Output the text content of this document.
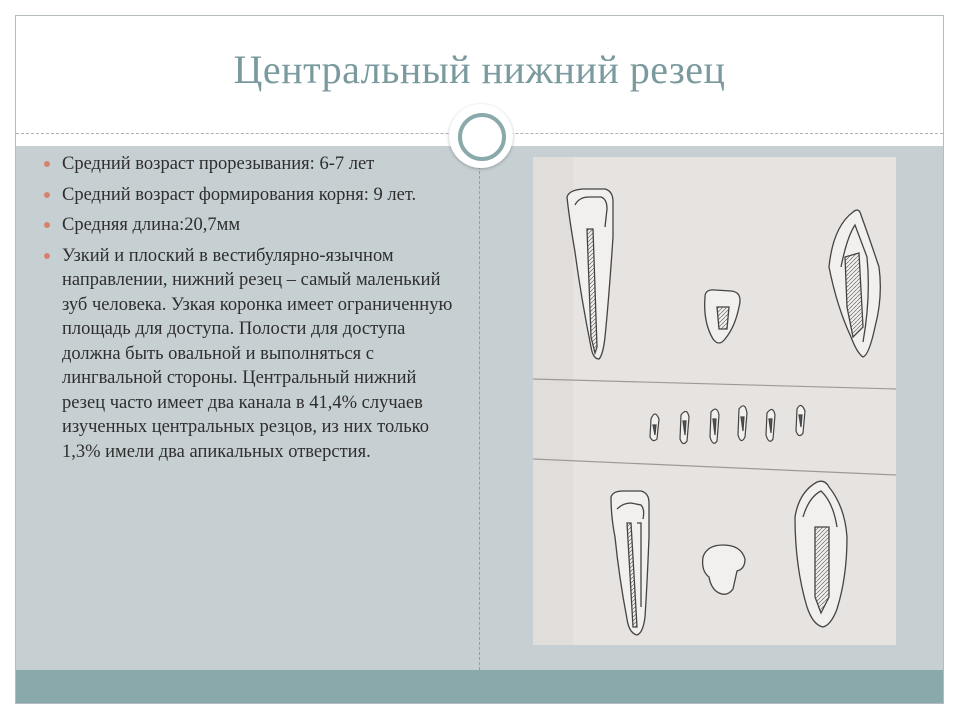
Центральный нижний резец
Средний возраст прорезывания: 6-7 лет
Средний возраст формирования корня: 9 лет.
Средняя длина:20,7мм
Узкий и плоский в вестибулярно-язычном направлении, нижний резец – самый маленький зуб человека. Узкая коронка имеет ограниченную площадь для доступа. Полости для доступа должна быть овальной и выполняться с лингвальной стороны. Центральный нижний резец часто имеет два канала в 41,4% случаев изученных центральных резцов, из них только 1,3% имели два апикальных отверстия.
